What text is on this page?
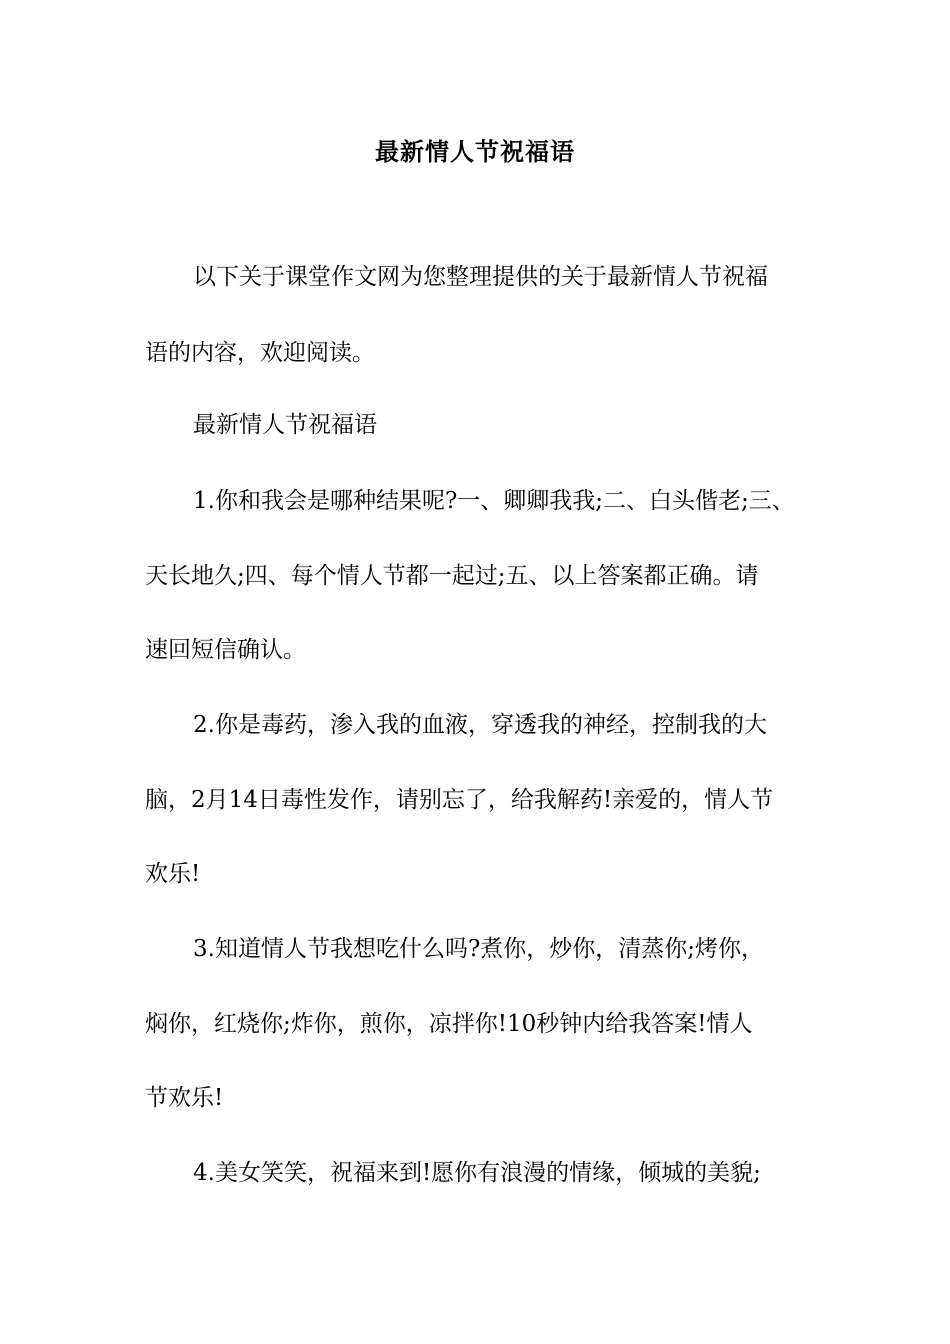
最新情人节祝福语
以下关于课堂作文网为您整理提供的关于最新情人节祝福
语的内容，欢迎阅读。
最新情人节祝福语
1.你和我会是哪种结果呢?一、卿卿我我;二、白头偕老;三、
天长地久;四、每个情人节都一起过;五、以上答案都正确。请
速回短信确认。
2.你是毒药，渗入我的血液，穿透我的神经，控制我的大
脑，2月14日毒性发作，请别忘了，给我解药!亲爱的，情人节
欢乐!
3.知道情人节我想吃什么吗?煮你，炒你，清蒸你;烤你，
焖你，红烧你;炸你，煎你，凉拌你!10秒钟内给我答案!情人
节欢乐!
4.美女笑笑，祝福来到!愿你有浪漫的情缘，倾城的美貌;
